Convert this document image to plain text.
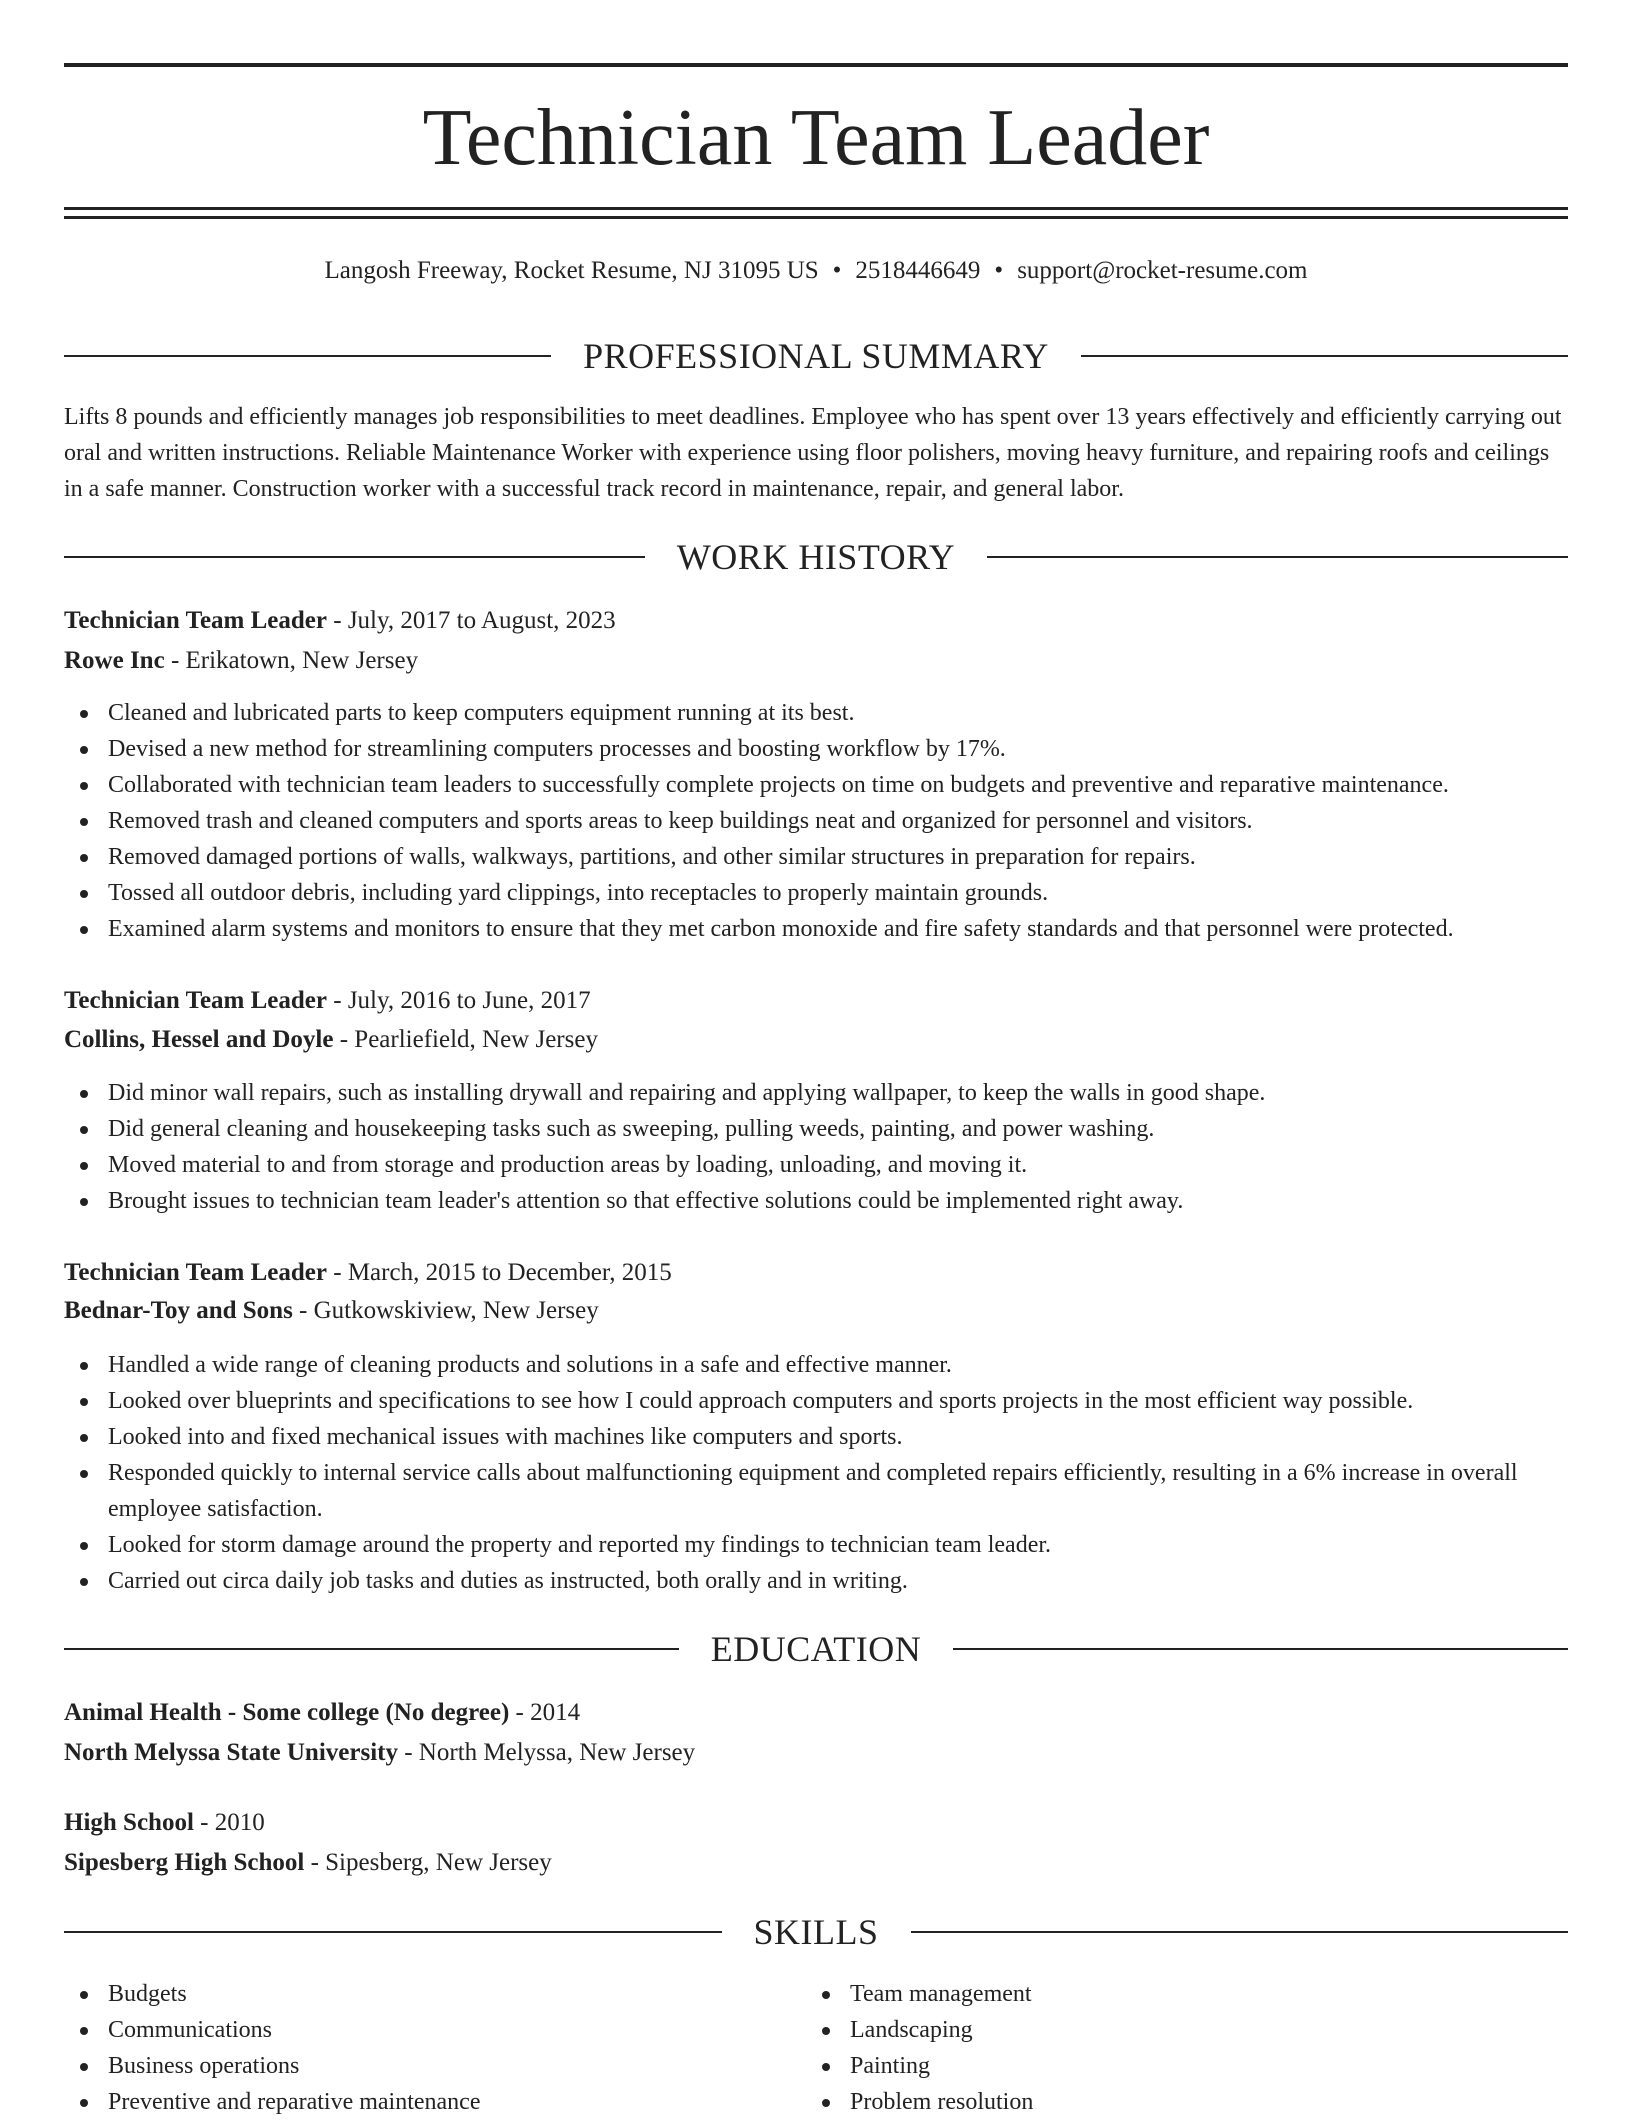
Technician Team Leader
Langosh Freeway, Rocket Resume, NJ 31095 US • 2518446649 • support@rocket-resume.com
PROFESSIONAL SUMMARY

Lifts 8 pounds and efficiently manages job responsibilities to meet deadlines. Employee who has spent over 13 years effectively and efficiently carrying out oral and written instructions. Reliable Maintenance Worker with experience using floor polishers, moving heavy furniture, and repairing roofs and ceilings in a safe manner. Construction worker with a successful track record in maintenance, repair, and general labor.

WORK HISTORY
Technician Team Leader - July, 2017 to August, 2023
Rowe Inc - Erikatown, New Jersey
Cleaned and lubricated parts to keep computers equipment running at its best.
Devised a new method for streamlining computers processes and boosting workflow by 17%.
Collaborated with technician team leaders to successfully complete projects on time on budgets and preventive and reparative maintenance.
Removed trash and cleaned computers and sports areas to keep buildings neat and organized for personnel and visitors.
Removed damaged portions of walls, walkways, partitions, and other similar structures in preparation for repairs.
Tossed all outdoor debris, including yard clippings, into receptacles to properly maintain grounds.
Examined alarm systems and monitors to ensure that they met carbon monoxide and fire safety standards and that personnel were protected.
Technician Team Leader - July, 2016 to June, 2017
Collins, Hessel and Doyle - Pearliefield, New Jersey
Did minor wall repairs, such as installing drywall and repairing and applying wallpaper, to keep the walls in good shape.
Did general cleaning and housekeeping tasks such as sweeping, pulling weeds, painting, and power washing.
Moved material to and from storage and production areas by loading, unloading, and moving it.
Brought issues to technician team leader's attention so that effective solutions could be implemented right away.
Technician Team Leader - March, 2015 to December, 2015
Bednar-Toy and Sons - Gutkowskiview, New Jersey
Handled a wide range of cleaning products and solutions in a safe and effective manner.
Looked over blueprints and specifications to see how I could approach computers and sports projects in the most efficient way possible.
Looked into and fixed mechanical issues with machines like computers and sports.
Responded quickly to internal service calls about malfunctioning equipment and completed repairs efficiently, resulting in a 6% increase in overall employee satisfaction.
Looked for storm damage around the property and reported my findings to technician team leader.
Carried out circa daily job tasks and duties as instructed, both orally and in writing.
EDUCATION
Animal Health - Some college (No degree) - 2014
North Melyssa State University - North Melyssa, New Jersey
High School - 2010
Sipesberg High School - Sipesberg, New Jersey
SKILLS
Budgets
Communications
Business operations
Preventive and reparative maintenance
Team management
Landscaping
Painting
Problem resolution
